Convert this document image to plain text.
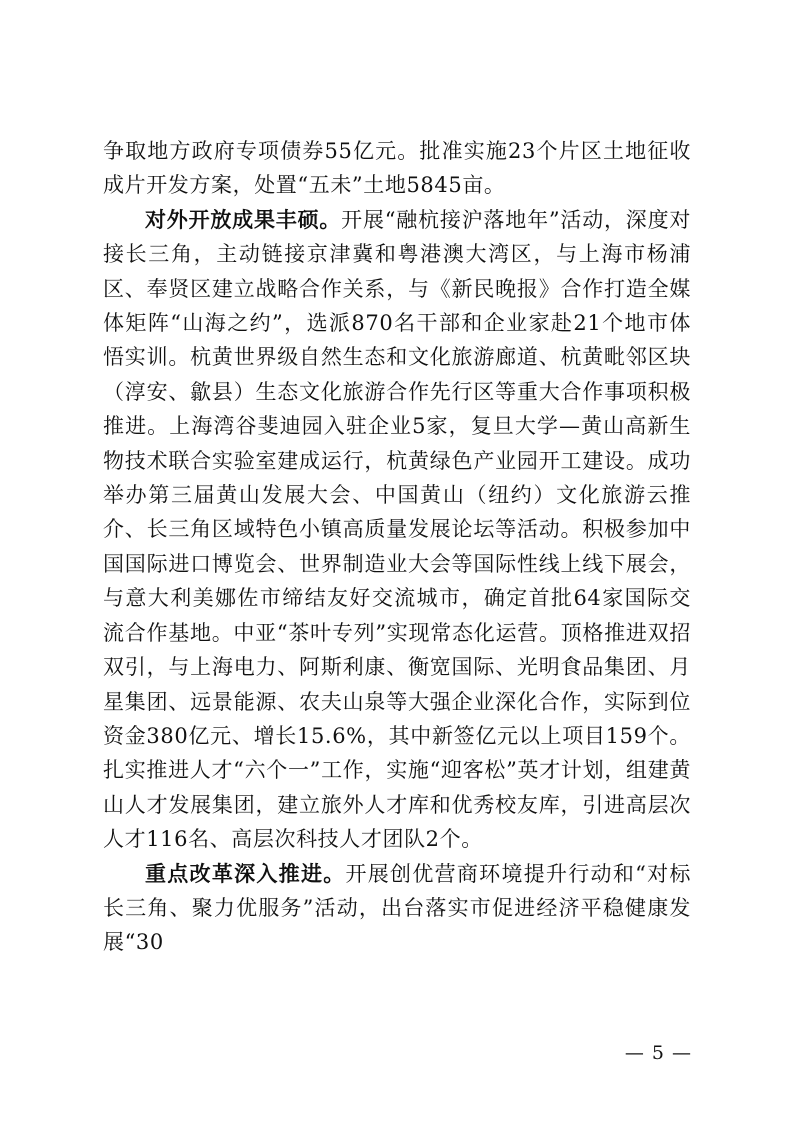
争取地方政府专项债券55亿元。批准实施23个片区土地征收成片开发方案，处置“五未”土地5845亩。

对外开放成果丰硕。开展“融杭接沪落地年”活动，深度对接长三角，主动链接京津冀和粤港澳大湾区，与上海市杨浦区、奉贤区建立战略合作关系，与《新民晚报》合作打造全媒体矩阵“山海之约”，选派870名干部和企业家赴21个地市体悟实训。杭黄世界级自然生态和文化旅游廊道、杭黄毗邻区块（淳安、歙县）生态文化旅游合作先行区等重大合作事项积极推进。上海湾谷斐迪园入驻企业5家，复旦大学—黄山高新生物技术联合实验室建成运行，杭黄绿色产业园开工建设。成功举办第三届黄山发展大会、中国黄山（纽约）文化旅游云推介、长三角区域特色小镇高质量发展论坛等活动。积极参加中国国际进口博览会、世界制造业大会等国际性线上线下展会，与意大利美娜佐市缔结友好交流城市，确定首批64家国际交流合作基地。中亚“茶叶专列”实现常态化运营。顶格推进双招双引，与上海电力、阿斯利康、衡宽国际、光明食品集团、月星集团、远景能源、农夫山泉等大强企业深化合作，实际到位资金380亿元、增长15.6%，其中新签亿元以上项目159个。扎实推进人才“六个一”工作，实施“迎客松”英才计划，组建黄山人才发展集团，建立旅外人才库和优秀校友库，引进高层次人才116名、高层次科技人才团队2个。

重点改革深入推进。开展创优营商环境提升行动和“对标长三角、聚力优服务”活动，出台落实市促进经济平稳健康发展“30

— 5 —
